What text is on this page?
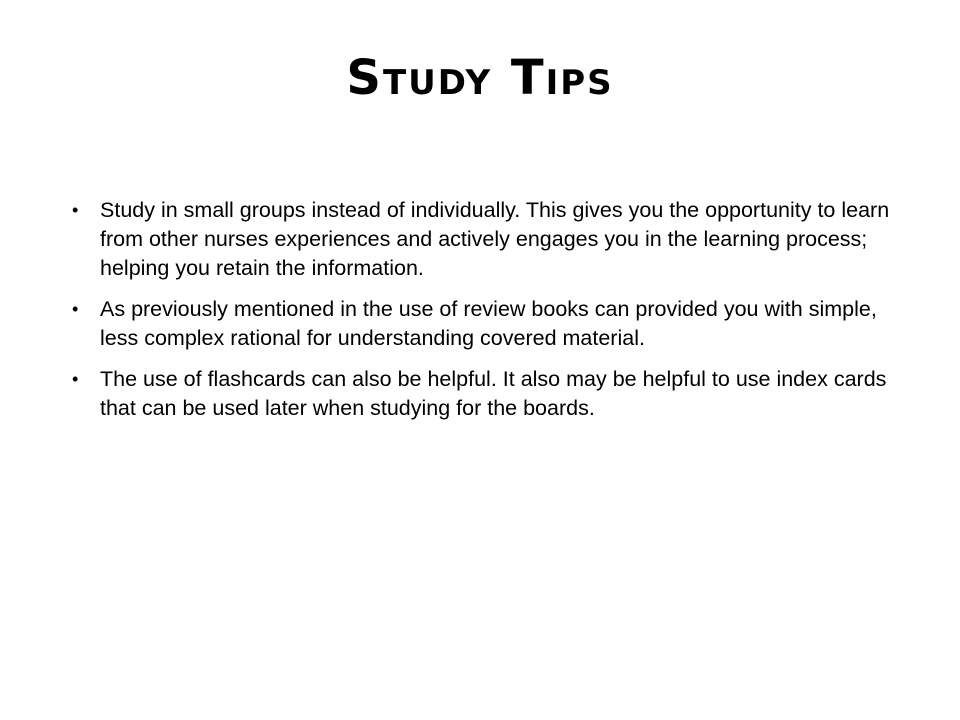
Study Tips
• Study in small groups instead of individually. This gives you the opportunity to learn from other nurses experiences and actively engages you in the learning process; helping you retain the information.
• As previously mentioned in the use of review books can provided you with simple, less complex rational for understanding covered material.
• The use of flashcards can also be helpful. It also may be helpful to use index cards that can be used later when studying for the boards.
